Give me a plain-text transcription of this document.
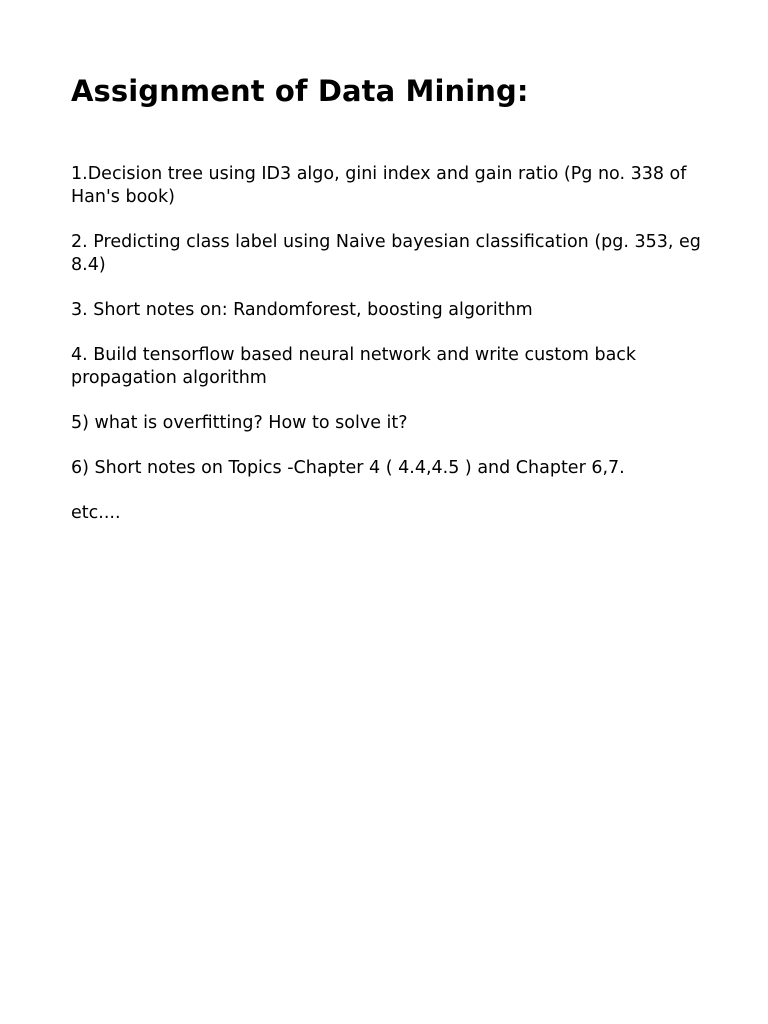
Assignment of Data Mining:
1.Decision tree using ID3 algo, gini index and gain ratio (Pg no. 338 of Han's book)
2. Predicting class label using Naive bayesian classification (pg. 353, eg 8.4)
3. Short notes on: Randomforest, boosting algorithm
4. Build tensorflow based neural network and write custom back propagation algorithm
5) what is overfitting? How to solve it?
6) Short notes on Topics -Chapter 4 ( 4.4,4.5 ) and Chapter 6,7.
etc....
